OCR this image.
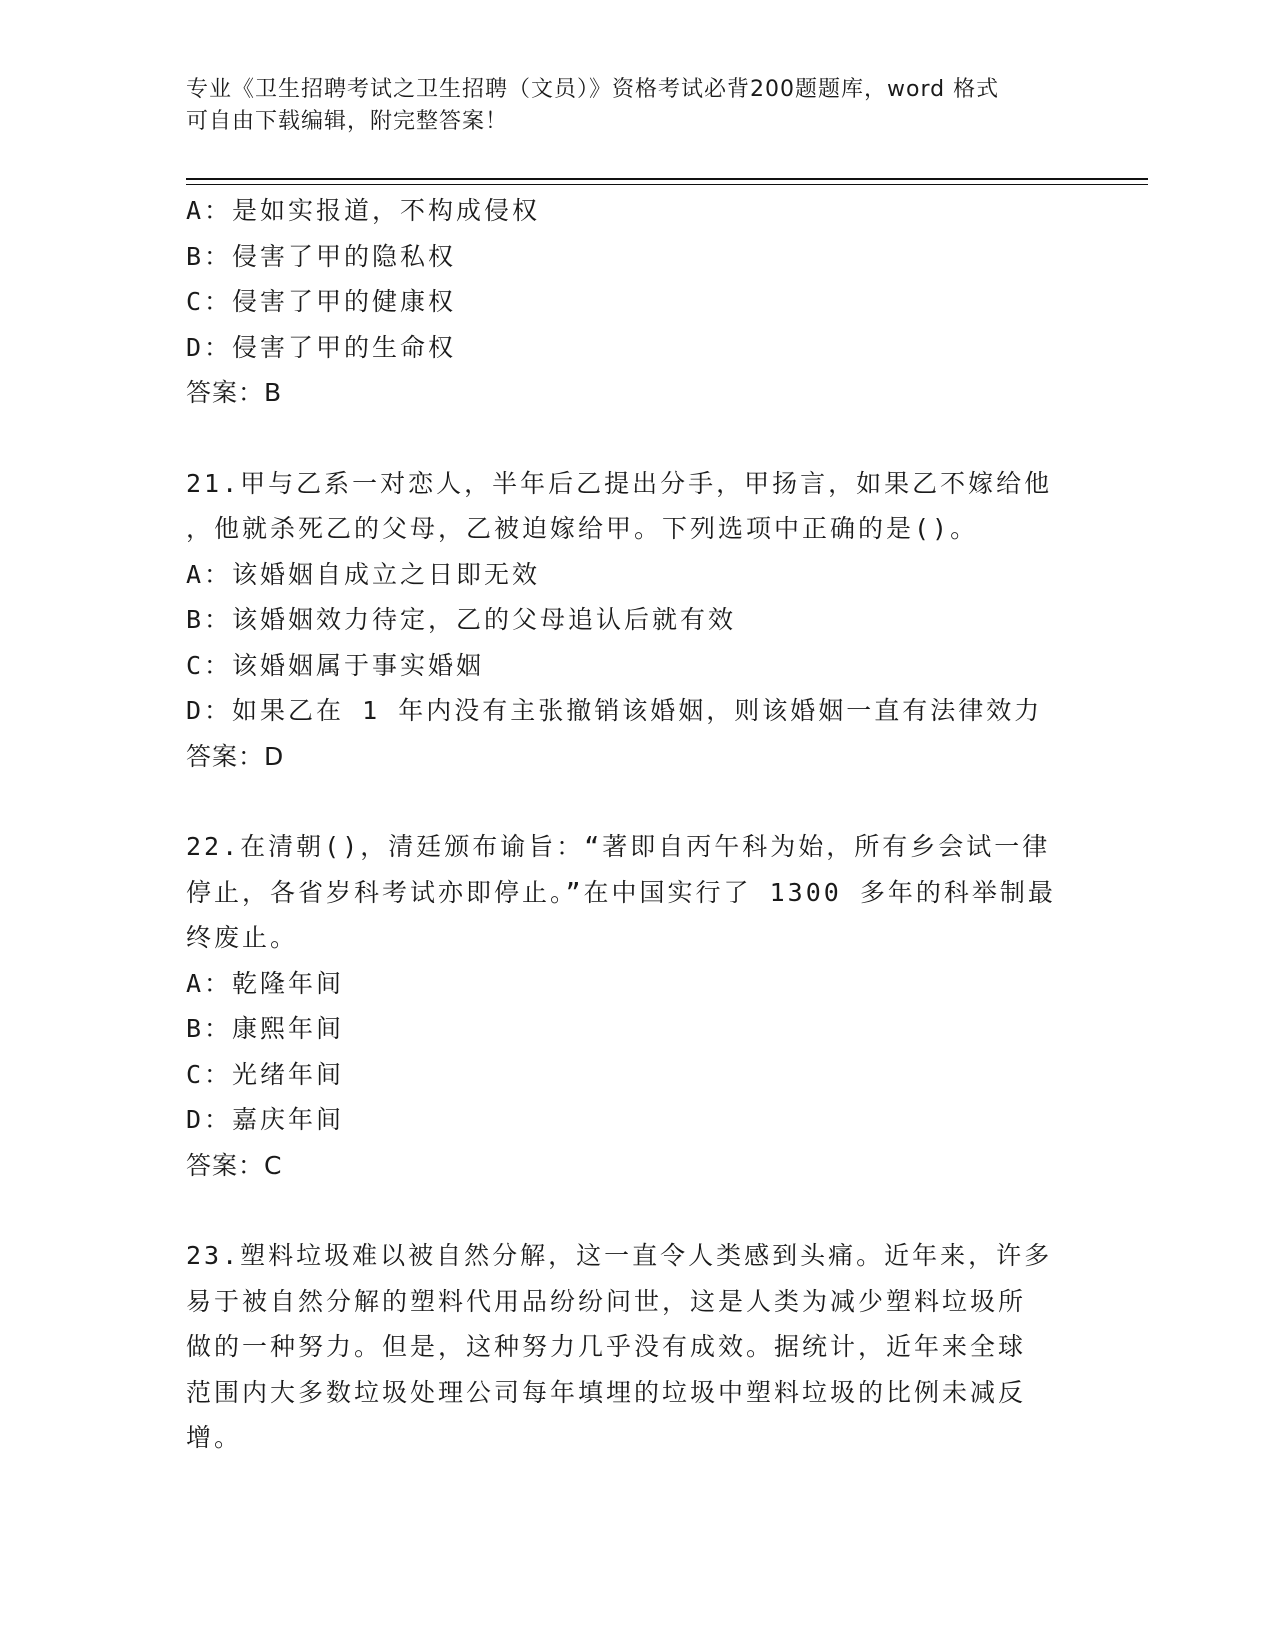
专业《卫生招聘考试之卫生招聘（文员）》资格考试必背200题题库，word 格式
可自由下载编辑，附完整答案！
A：是如实报道，不构成侵权
B：侵害了甲的隐私权
C：侵害了甲的健康权
D：侵害了甲的生命权
答案：B
21.甲与乙系一对恋人，半年后乙提出分手，甲扬言，如果乙不嫁给他
，他就杀死乙的父母，乙被迫嫁给甲。下列选项中正确的是()。
A：该婚姻自成立之日即无效
B：该婚姻效力待定，乙的父母追认后就有效
C：该婚姻属于事实婚姻
D：如果乙在 1 年内没有主张撤销该婚姻，则该婚姻一直有法律效力
答案：D
22.在清朝()，清廷颁布谕旨：“著即自丙午科为始，所有乡会试一律
停止，各省岁科考试亦即停止。”在中国实行了 1300 多年的科举制最
终废止。
A：乾隆年间
B：康熙年间
C：光绪年间
D：嘉庆年间
答案：C
23.塑料垃圾难以被自然分解，这一直令人类感到头痛。近年来，许多
易于被自然分解的塑料代用品纷纷问世，这是人类为减少塑料垃圾所
做的一种努力。但是，这种努力几乎没有成效。据统计，近年来全球
范围内大多数垃圾处理公司每年填埋的垃圾中塑料垃圾的比例未减反
增。
